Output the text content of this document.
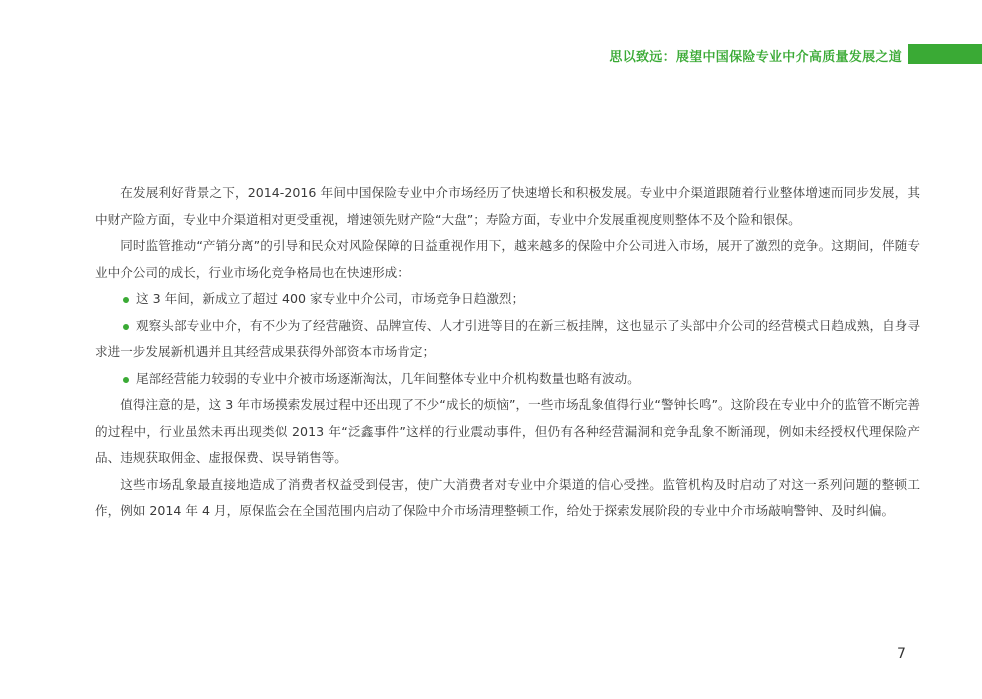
思以致远：展望中国保险专业中介高质量发展之道

在发展利好背景之下，2014-2016 年间中国保险专业中介市场经历了快速增长和积极发展。专业中介渠道跟随着行业整体增速而同步发展，其中财产险方面，专业中介渠道相对更受重视，增速领先财产险“大盘”；寿险方面，专业中介发展重视度则整体不及个险和银保。

同时监管推动“产销分离”的引导和民众对风险保障的日益重视作用下，越来越多的保险中介公司进入市场，展开了激烈的竞争。这期间，伴随专业中介公司的成长，行业市场化竞争格局也在快速形成：

这 3 年间，新成立了超过 400 家专业中介公司，市场竞争日趋激烈；
观察头部专业中介，有不少为了经营融资、品牌宣传、人才引进等目的在新三板挂牌，这也显示了头部中介公司的经营模式日趋成熟，自身寻求进一步发展新机遇并且其经营成果获得外部资本市场肯定；
尾部经营能力较弱的专业中介被市场逐渐淘汰，几年间整体专业中介机构数量也略有波动。

值得注意的是，这 3 年市场摸索发展过程中还出现了不少“成长的烦恼”，一些市场乱象值得行业“警钟长鸣”。这阶段在专业中介的监管不断完善的过程中，行业虽然未再出现类似 2013 年“泛鑫事件”这样的行业震动事件，但仍有各种经营漏洞和竞争乱象不断涌现，例如未经授权代理保险产品、违规获取佣金、虚报保费、误导销售等。

这些市场乱象最直接地造成了消费者权益受到侵害，使广大消费者对专业中介渠道的信心受挫。监管机构及时启动了对这一系列问题的整顿工作，例如 2014 年 4 月，原保监会在全国范围内启动了保险中介市场清理整顿工作，给处于探索发展阶段的专业中介市场敲响警钟、及时纠偏。

7
